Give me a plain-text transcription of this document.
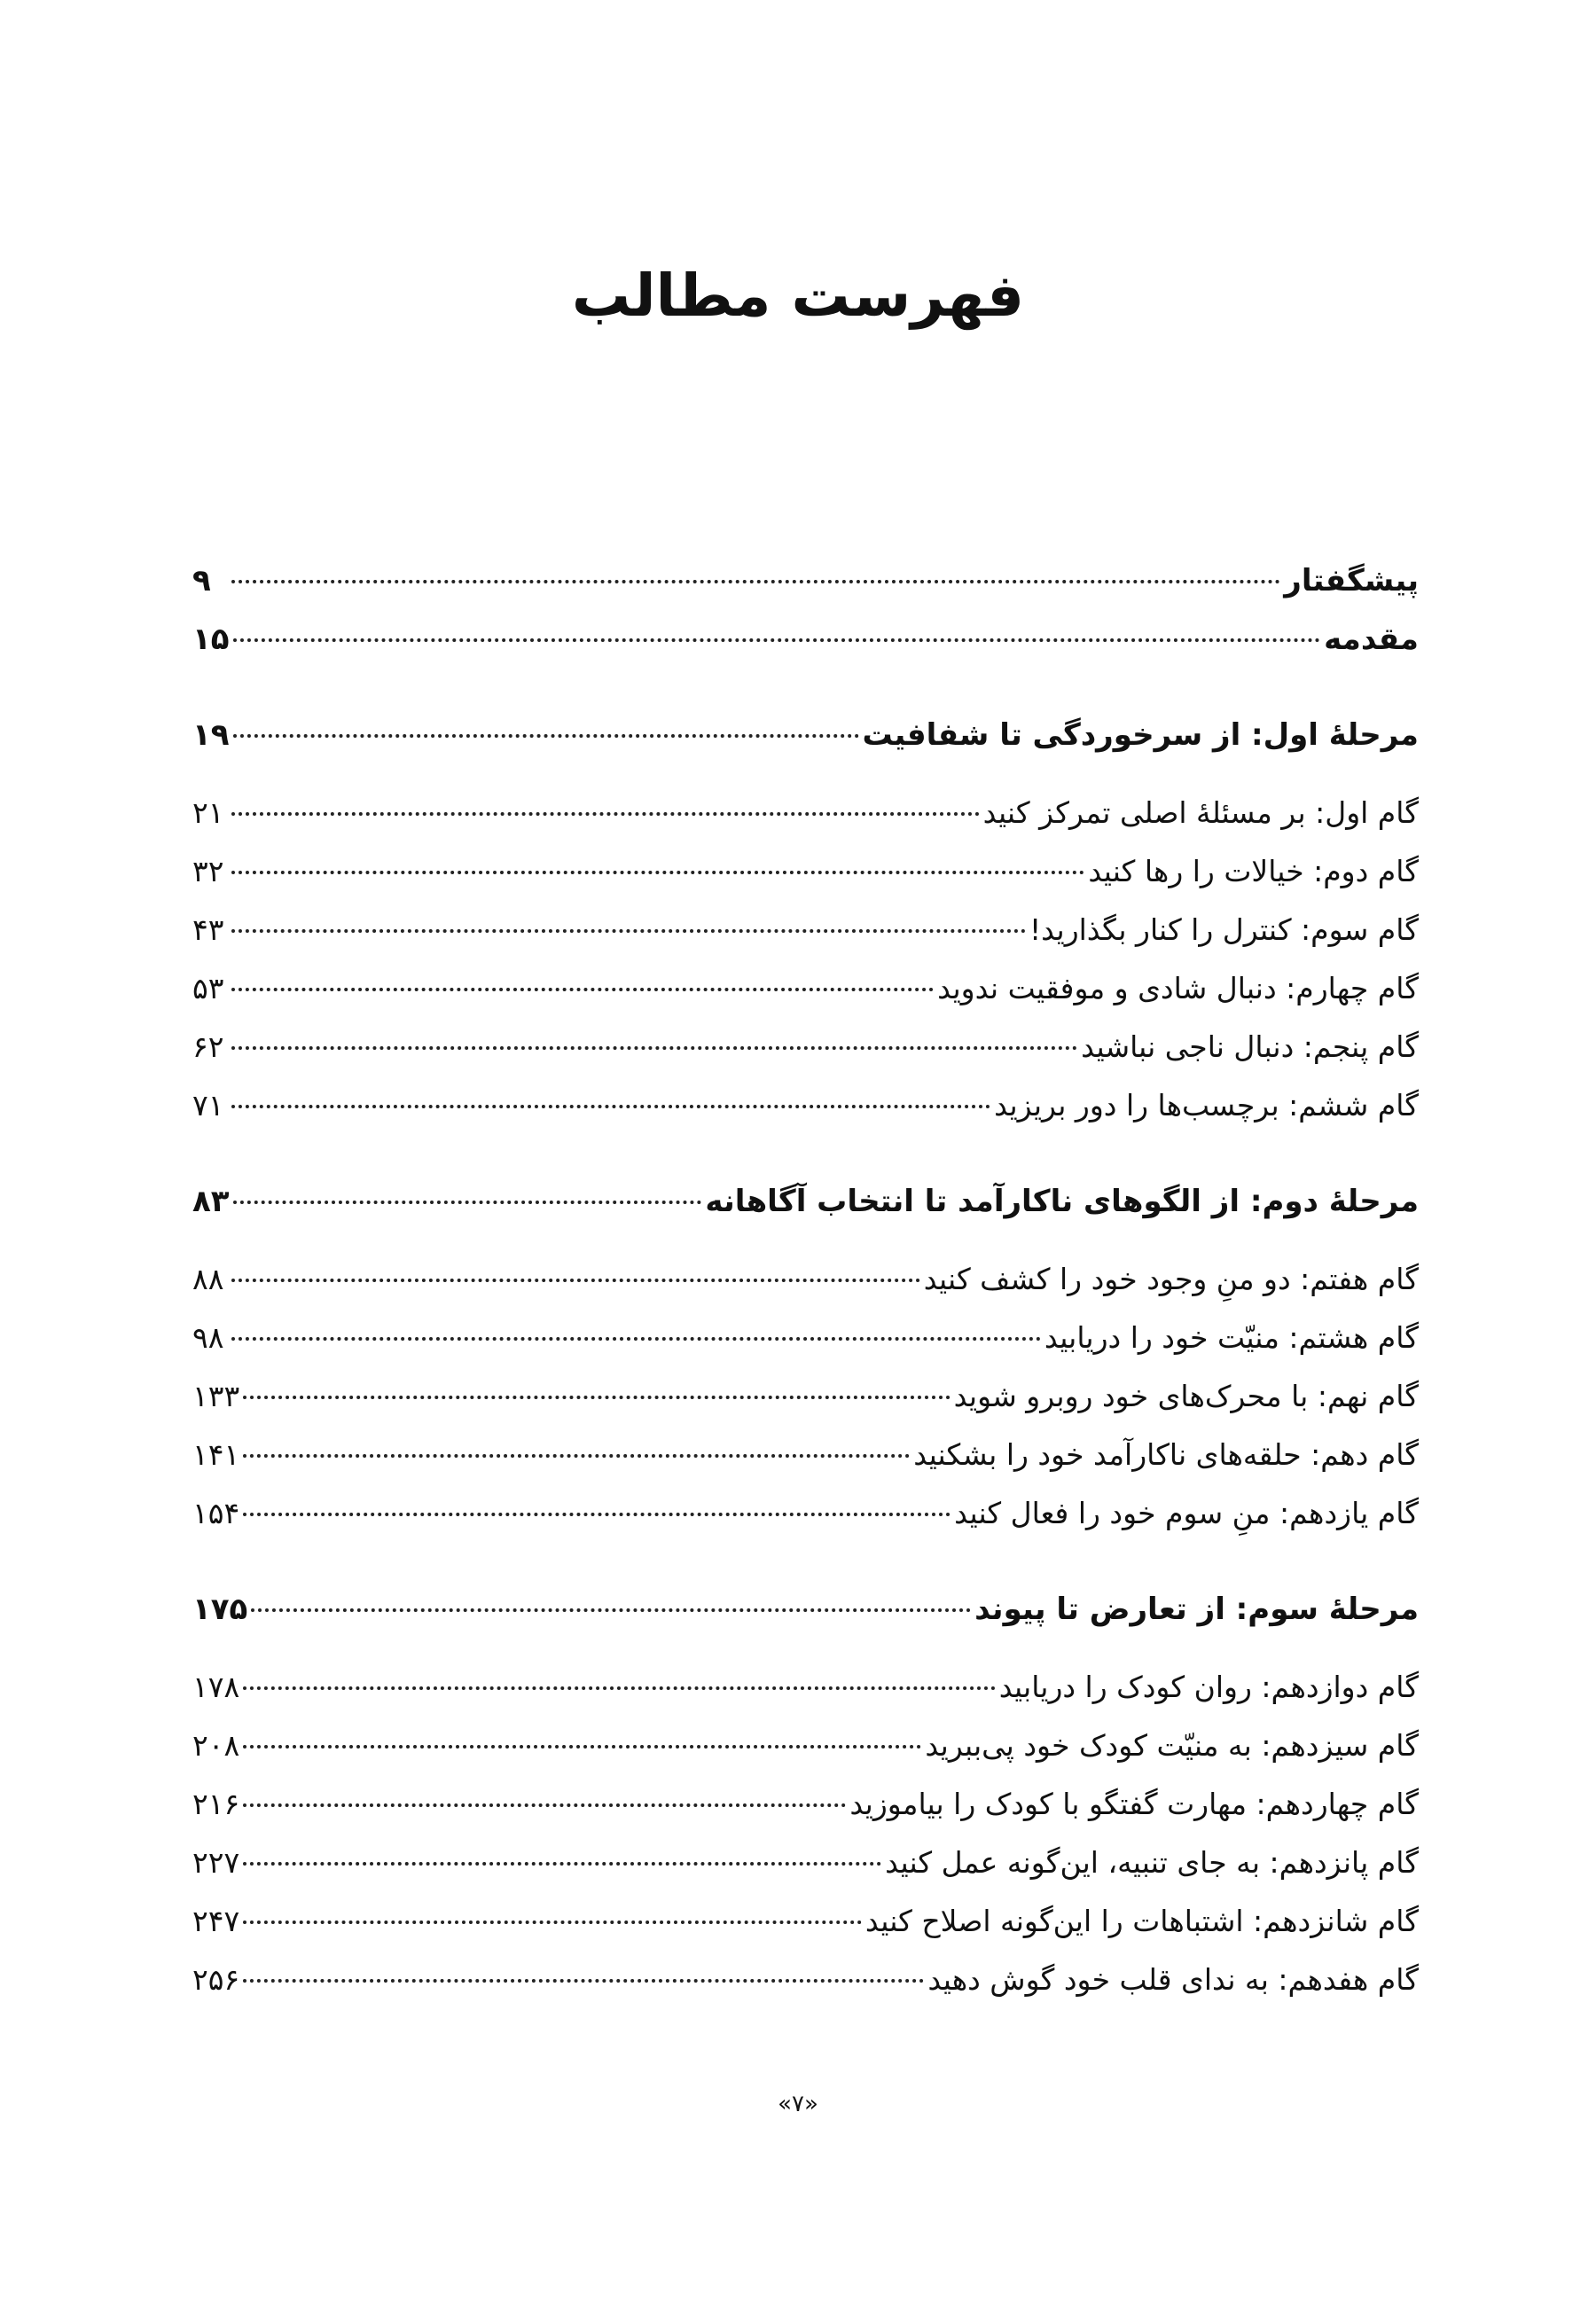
فهرست مطالب
پیشگفتار
۹
مقدمه
۱۵
مرحلهٔ اول: از سرخوردگی تا شفافیت
۱۹
گام اول: بر مسئلهٔ اصلی تمرکز کنید
۲۱
گام دوم: خیالات را رها کنید
۳۲
گام سوم: کنترل را کنار بگذارید!
۴۳
گام چهارم: دنبال شادی و موفقیت ندوید
۵۳
گام پنجم: دنبال ناجی نباشید
۶۲
گام ششم: برچسب‌ها را دور بریزید
۷۱
مرحلهٔ دوم: از الگوهای ناکارآمد تا انتخاب آگاهانه
۸۳
گام هفتم: دو منِ وجود خود را کشف کنید
۸۸
گام هشتم: منیّت خود را دریابید
۹۸
گام نهم: با محرک‌های خود روبرو شوید
۱۳۳
گام دهم: حلقه‌های ناکارآمد خود را بشکنید
۱۴۱
گام یازدهم: منِ سوم خود را فعال کنید
۱۵۴
مرحلهٔ سوم: از تعارض تا پیوند
۱۷۵
گام دوازدهم: روان کودک را دریابید
۱۷۸
گام سیزدهم: به منیّت کودک خود پی‌ببرید
۲۰۸
گام چهاردهم: مهارت گفتگو با کودک را بیاموزید
۲۱۶
گام پانزدهم: به جای تنبیه، این‌گونه عمل کنید
۲۲۷
گام شانزدهم: اشتباهات را این‌گونه اصلاح کنید
۲۴۷
گام هفدهم: به ندای قلب خود گوش دهید
۲۵۶
«۷»
